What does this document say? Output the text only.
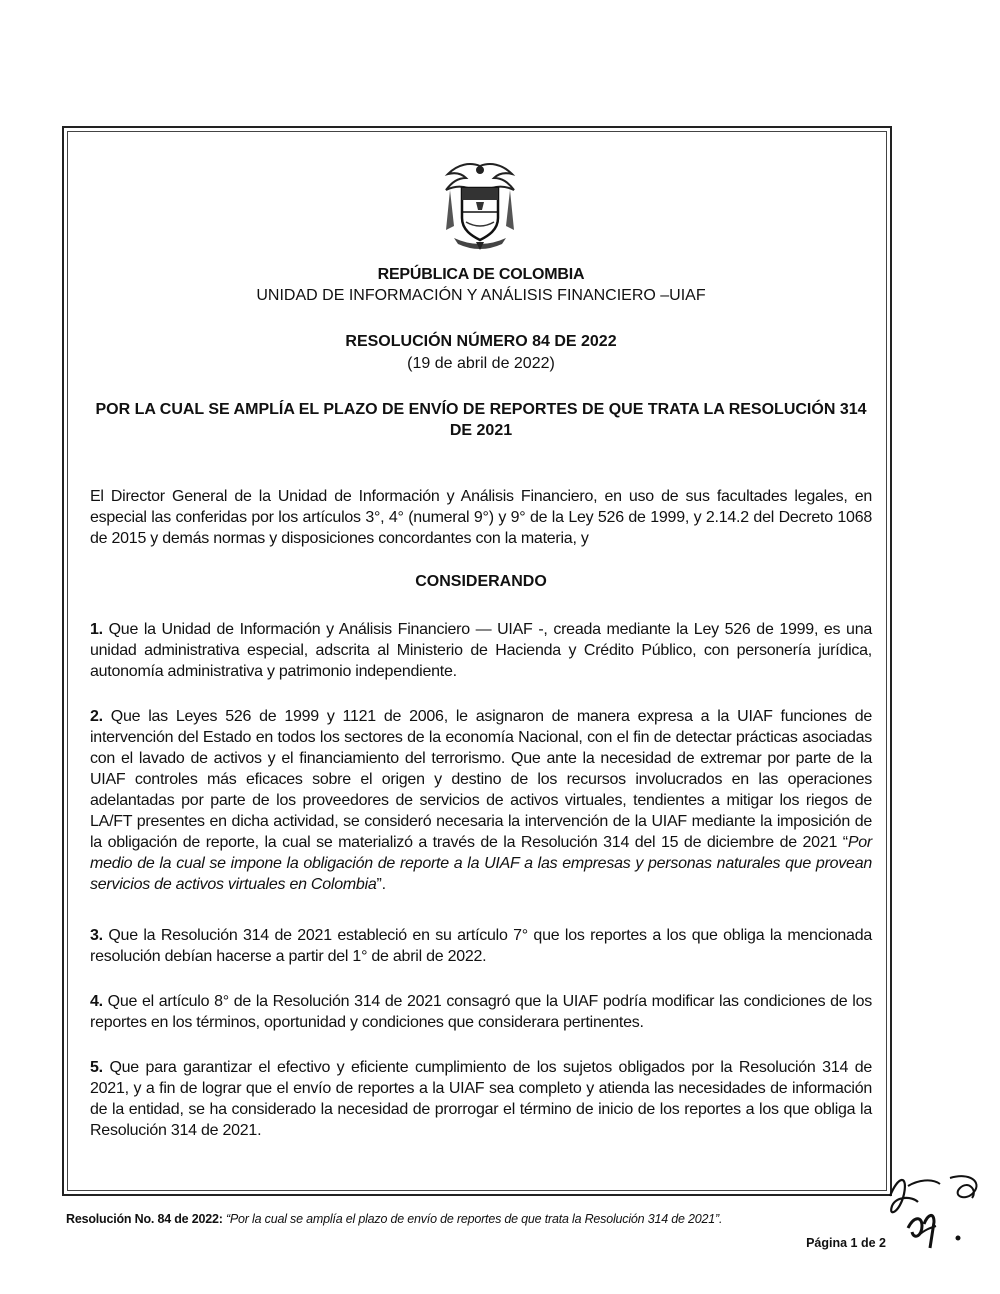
REPÚBLICA DE COLOMBIA
UNIDAD DE INFORMACIÓN Y ANÁLISIS FINANCIERO –UIAF
RESOLUCIÓN NÚMERO 84 DE 2022
(19 de abril de 2022)
POR LA CUAL SE AMPLÍA EL PLAZO DE ENVÍO DE REPORTES DE QUE TRATA LA RESOLUCIÓN 314 DE 2021
El Director General de la Unidad de Información y Análisis Financiero, en uso de sus facultades legales, en especial las conferidas por los artículos 3°, 4° (numeral 9°) y 9° de la Ley 526 de 1999, y 2.14.2 del Decreto 1068 de 2015 y demás normas y disposiciones concordantes con la materia, y
CONSIDERANDO
1. Que la Unidad de Información y Análisis Financiero — UIAF -, creada mediante la Ley 526 de 1999, es una unidad administrativa especial, adscrita al Ministerio de Hacienda y Crédito Público, con personería jurídica, autonomía administrativa y patrimonio independiente.
2. Que las Leyes 526 de 1999 y 1121 de 2006, le asignaron de manera expresa a la UIAF funciones de intervención del Estado en todos los sectores de la economía Nacional, con el fin de detectar prácticas asociadas con el lavado de activos y el financiamiento del terrorismo. Que ante la necesidad de extremar por parte de la UIAF controles más eficaces sobre el origen y destino de los recursos involucrados en las operaciones adelantadas por parte de los proveedores de servicios de activos virtuales, tendientes a mitigar los riegos de LA/FT presentes en dicha actividad, se consideró necesaria la intervención de la UIAF mediante la imposición de la obligación de reporte, la cual se materializó a través de la Resolución 314 del 15 de diciembre de 2021 “Por medio de la cual se impone la obligación de reporte a la UIAF a las empresas y personas naturales que provean servicios de activos virtuales en Colombia”.
3. Que la Resolución 314 de 2021 estableció en su artículo 7° que los reportes a los que obliga la mencionada resolución debían hacerse a partir del 1° de abril de 2022.
4. Que el artículo 8° de la Resolución 314 de 2021 consagró que la UIAF podría modificar las condiciones de los reportes en los términos, oportunidad y condiciones que considerara pertinentes.
5. Que para garantizar el efectivo y eficiente cumplimiento de los sujetos obligados por la Resolución 314 de 2021, y a fin de lograr que el envío de reportes a la UIAF sea completo y atienda las necesidades de información de la entidad, se ha considerado la necesidad de prorrogar el término de inicio de los reportes a los que obliga la Resolución 314 de 2021.
Resolución No. 84 de 2022: “Por la cual se amplía el plazo de envío de reportes de que trata la Resolución 314 de 2021”.
Página 1 de 2
